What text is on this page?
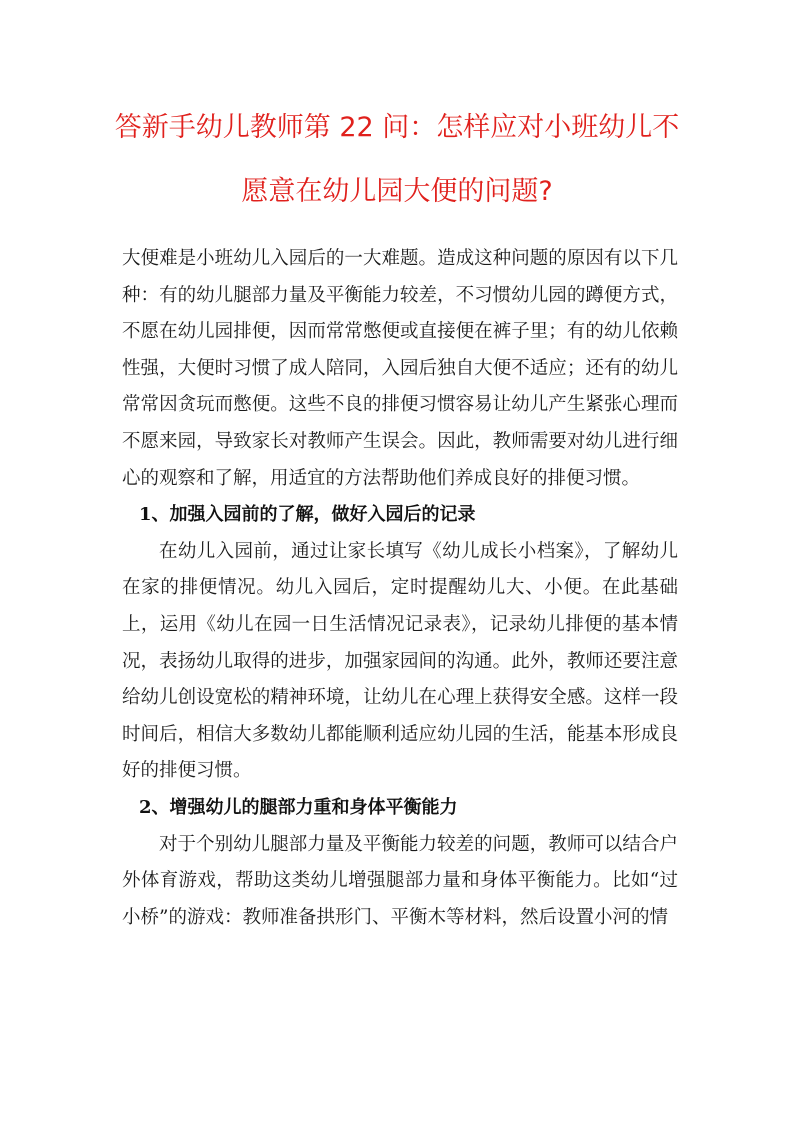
答新手幼儿教师第 22 问：怎样应对小班幼儿不
愿意在幼儿园大便的问题?

大便难是小班幼儿入园后的一大难题。造成这种问题的原因有以下几种：有的幼儿腿部力量及平衡能力较差，不习惯幼儿园的蹲便方式，不愿在幼儿园排便，因而常常憋便或直接便在裤子里；有的幼儿依赖性强，大便时习惯了成人陪同，入园后独自大便不适应；还有的幼儿常常因贪玩而憋便。这些不良的排便习惯容易让幼儿产生紧张心理而不愿来园，导致家长对教师产生误会。因此，教师需要对幼儿进行细心的观察和了解，用适宜的方法帮助他们养成良好的排便习惯。

1、加强入园前的了解，做好入园后的记录

在幼儿入园前，通过让家长填写《幼儿成长小档案》，了解幼儿在家的排便情况。幼儿入园后，定时提醒幼儿大、小便。在此基础上，运用《幼儿在园一日生活情况记录表》，记录幼儿排便的基本情况，表扬幼儿取得的进步，加强家园间的沟通。此外，教师还要注意给幼儿创设宽松的精神环境，让幼儿在心理上获得安全感。这样一段时间后，相信大多数幼儿都能顺利适应幼儿园的生活，能基本形成良好的排便习惯。

2、增强幼儿的腿部力重和身体平衡能力

对于个别幼儿腿部力量及平衡能力较差的问题，教师可以结合户外体育游戏，帮助这类幼儿增强腿部力量和身体平衡能力。比如“过小桥”的游戏：教师准备拱形门、平衡木等材料，然后设置小河的情
